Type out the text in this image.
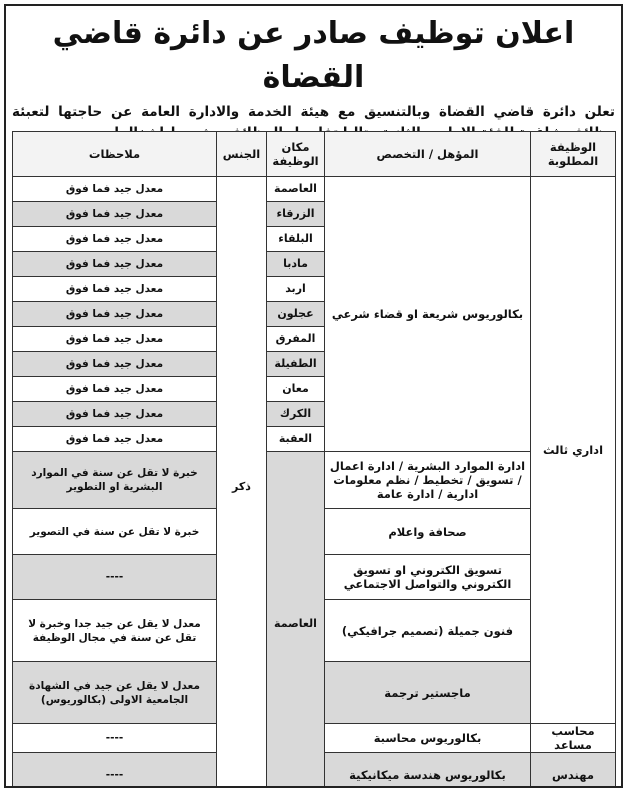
اعلان توظيف صادر عن دائرة قاضي القضاة
تعلن دائرة قاضي القضاة وبالتنسيق مع هيئة الخدمة والادارة العامة عن حاجتها لتعبئة
الوظيفة المطلوبة	المؤهل / التخصص	مكان الوظيفة	الجنس	ملاحظات
اداري ثالث	بكالوريوس شريعة او قضاء شرعي	العاصمة	ذكر	معدل جيد فما فوق
		الزرقاء		معدل جيد فما فوق
		البلقاء		معدل جيد فما فوق
		مادبا		معدل جيد فما فوق
		اربد		معدل جيد فما فوق
		عجلون		معدل جيد فما فوق
		المفرق		معدل جيد فما فوق
		الطفيلة		معدل جيد فما فوق
		معان		معدل جيد فما فوق
		الكرك		معدل جيد فما فوق
		العقبة		معدل جيد فما فوق
	ادارة الموارد البشرية / ادارة اعمال / تسويق / تخطيط / نظم معلومات ادارية / ادارة عامة	العاصمة		خبرة لا تقل عن سنة في الموارد البشرية او التطوير
	صحافة واعلام			خبرة لا تقل عن سنة في التصوير
	تسويق الكتروني او تسويق الكتروني والتواصل الاجتماعي			----
	فنون جميلة (تصميم جرافيكي)			معدل لا يقل عن جيد جدا وخبرة لا تقل عن سنة في مجال الوظيفة
	ماجستير ترجمة			معدل لا يقل عن جيد في الشهادة الجامعية الاولى (بكالوريوس)
محاسب مساعد	بكالوريوس محاسبة			----
مهندس	بكالوريوس هندسة ميكانيكية			----
